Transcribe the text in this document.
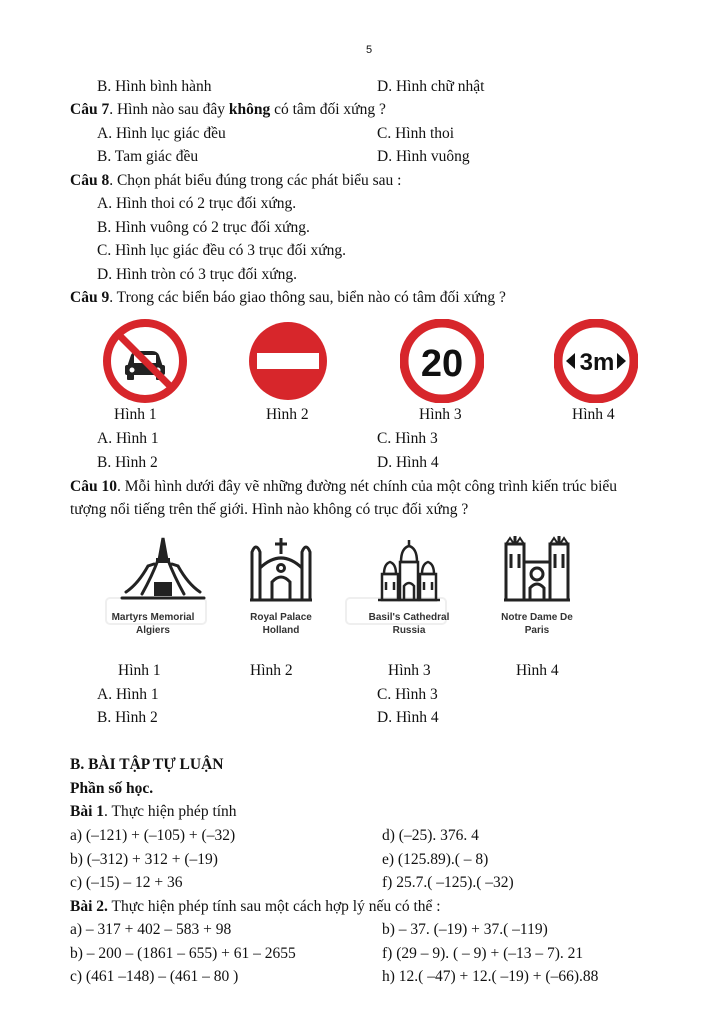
5
B. Hình bình hành	D. Hình chữ nhật
Câu 7. Hình nào sau đây không có tâm đối xứng ?
A. Hình lục giác đều	C. Hình thoi
B. Tam giác đều	D. Hình vuông
Câu 8. Chọn phát biểu đúng trong các phát biểu sau :
A. Hình thoi có 2 trục đối xứng.
B. Hình vuông có 2 trục đối xứng.
C. Hình lục giác đều có 3 trục đối xứng.
D. Hình tròn có 3 trục đối xứng.
Câu 9. Trong các biển báo giao thông sau, biển nào có tâm đối xứng ?
20	3m
Hình 1	Hình 2	Hình 3	Hình 4
A. Hình 1	C. Hình 3
B. Hình 2	D. Hình 4
Câu 10. Mỗi hình dưới đây vẽ những đường nét chính của một công trình kiến trúc biểu
tượng nổi tiếng trên thế giới. Hình nào không có trục đối xứng ?
Martyrs Memorial
Algiers
Royal Palace
Holland
Basil's Cathedral
Russia
Notre Dame De
Paris
Hình 1	Hình 2	Hình 3	Hình 4
A. Hình 1	C. Hình 3
B. Hình 2	D. Hình 4
B. BÀI TẬP TỰ LUẬN
Phần số học.
Bài 1. Thực hiện phép tính
a) (–121) + (–105) + (–32)	d) (–25). 376. 4
b) (–312) + 312 + (–19)	e) (125.89).( – 8)
c) (–15) – 12 + 36	f) 25.7.( –125).( –32)
Bài 2. Thực hiện phép tính sau một cách hợp lý nếu có thể :
a) – 317 + 402 – 583 + 98	b) – 37. (–19) + 37.( –119)
b) – 200 – (1861 – 655) + 61 – 2655	f) (29 – 9). ( – 9) + (–13 – 7). 21
c) (461 –148) – (461 – 80 )	h) 12.( –47) + 12.( –19) + (–66).88
